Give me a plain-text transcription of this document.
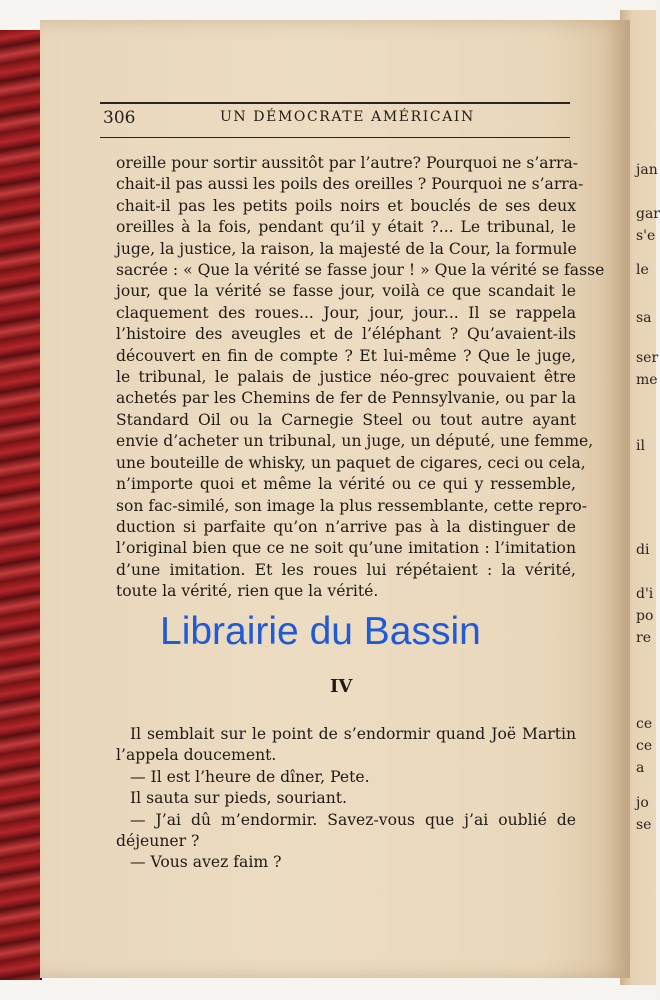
306	UN DÉMOCRATE AMÉRICAIN
oreille pour sortir aussitôt par l’autre? Pourquoi ne s’arra-
chait-il pas aussi les poils des oreilles ? Pourquoi ne s’arra-
chait-il pas les petits poils noirs et bouclés de ses deux
oreilles à la fois, pendant qu’il y était ?... Le tribunal, le
juge, la justice, la raison, la majesté de la Cour, la formule
sacrée : « Que la vérité se fasse jour ! » Que la vérité se fasse
jour, que la vérité se fasse jour, voilà ce que scandait le
claquement des roues... Jour, jour, jour... Il se rappela
l’histoire des aveugles et de l’éléphant ? Qu’avaient-ils
découvert en fin de compte ? Et lui-même ? Que le juge,
le tribunal, le palais de justice néo-grec pouvaient être
achetés par les Chemins de fer de Pennsylvanie, ou par la
Standard Oil ou la Carnegie Steel ou tout autre ayant
envie d’acheter un tribunal, un juge, un député, une femme,
une bouteille de whisky, un paquet de cigares, ceci ou cela,
n’importe quoi et même la vérité ou ce qui y ressemble,
son fac-similé, son image la plus ressemblante, cette repro-
duction si parfaite qu’on n’arrive pas à la distinguer de
l’original bien que ce ne soit qu’une imitation : l’imitation
d’une imitation. Et les roues lui répétaient : la vérité,
toute la vérité, rien que la vérité.
Librairie du Bassin
IV
Il semblait sur le point de s’endormir quand Joë Martin
l’appela doucement.
— Il est l’heure de dîner, Pete.
Il sauta sur pieds, souriant.
— J’ai dû m’endormir. Savez-vous que j’ai oublié de
déjeuner ?
— Vous avez faim ?
jan
gar
s'e
le
sa
ser
me
il
di
d'i
po
re
ce
ce
a
jo
se
